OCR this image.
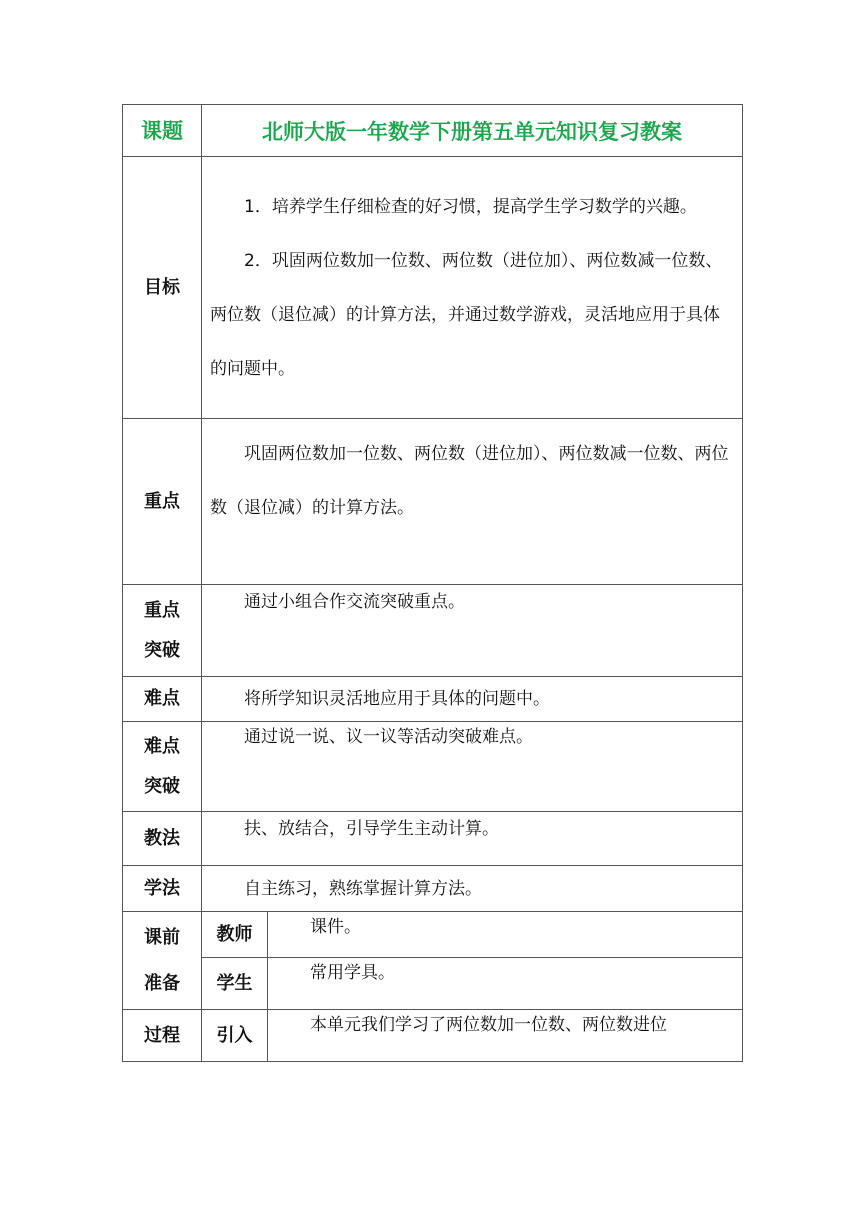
课题	北师大版一年数学下册第五单元知识复习教案	
目标	1．培养学生仔细检查的好习惯，提高学生学习数学的兴趣。

2．巩固两位数加一位数、两位数（进位加）、两位数减一位数、两位数（退位减）的计算方法，并通过数学游戏，灵活地应用于具体的问题中。	

重点	巩固两位数加一位数、两位数（进位加）、两位数减一位数、两位数（退位减）的计算方法。	

重点
突破	通过小组合作交流突破重点。	

难点	将所学知识灵活地应用于具体的问题中。	

难点
突破	通过说一说、议一议等活动突破难点。	

教法	扶、放结合，引导学生主动计算。	

学法	自主练习，熟练掌握计算方法。	

课前
准备	教师	课件。

	学生	常用学具。

过程	引入	本单元我们学习了两位数加一位数、两位数进位
